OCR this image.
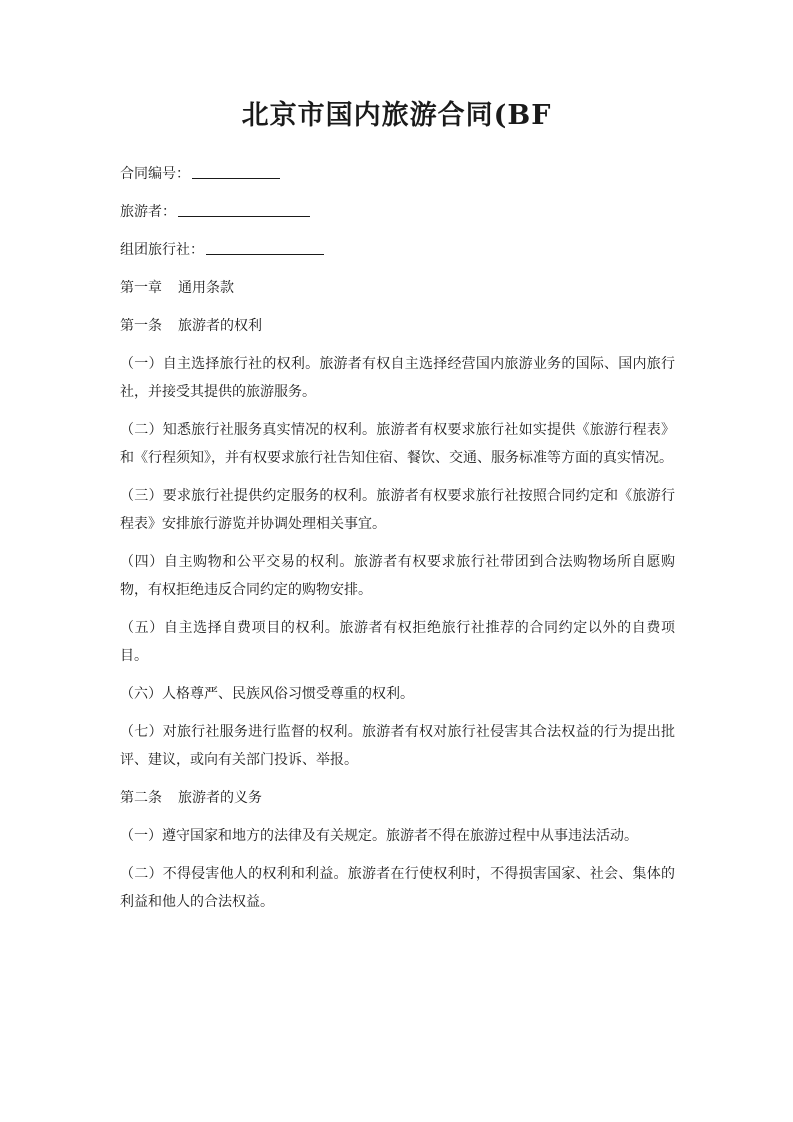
北京市国内旅游合同(BF

合同编号：

旅游者：

组团旅行社：

第一章 通用条款

第一条 旅游者的权利

（一）自主选择旅行社的权利。旅游者有权自主选择经营国内旅游业务的国际、国内旅行社，并接受其提供的旅游服务。

（二）知悉旅行社服务真实情况的权利。旅游者有权要求旅行社如实提供《旅游行程表》和《行程须知》，并有权要求旅行社告知住宿、餐饮、交通、服务标准等方面的真实情况。

（三）要求旅行社提供约定服务的权利。旅游者有权要求旅行社按照合同约定和《旅游行程表》安排旅行游览并协调处理相关事宜。

（四）自主购物和公平交易的权利。旅游者有权要求旅行社带团到合法购物场所自愿购物，有权拒绝违反合同约定的购物安排。

（五）自主选择自费项目的权利。旅游者有权拒绝旅行社推荐的合同约定以外的自费项目。

（六）人格尊严、民族风俗习惯受尊重的权利。

（七）对旅行社服务进行监督的权利。旅游者有权对旅行社侵害其合法权益的行为提出批评、建议，或向有关部门投诉、举报。

第二条 旅游者的义务

（一）遵守国家和地方的法律及有关规定。旅游者不得在旅游过程中从事违法活动。

（二）不得侵害他人的权利和利益。旅游者在行使权利时，不得损害国家、社会、集体的利益和他人的合法权益。
